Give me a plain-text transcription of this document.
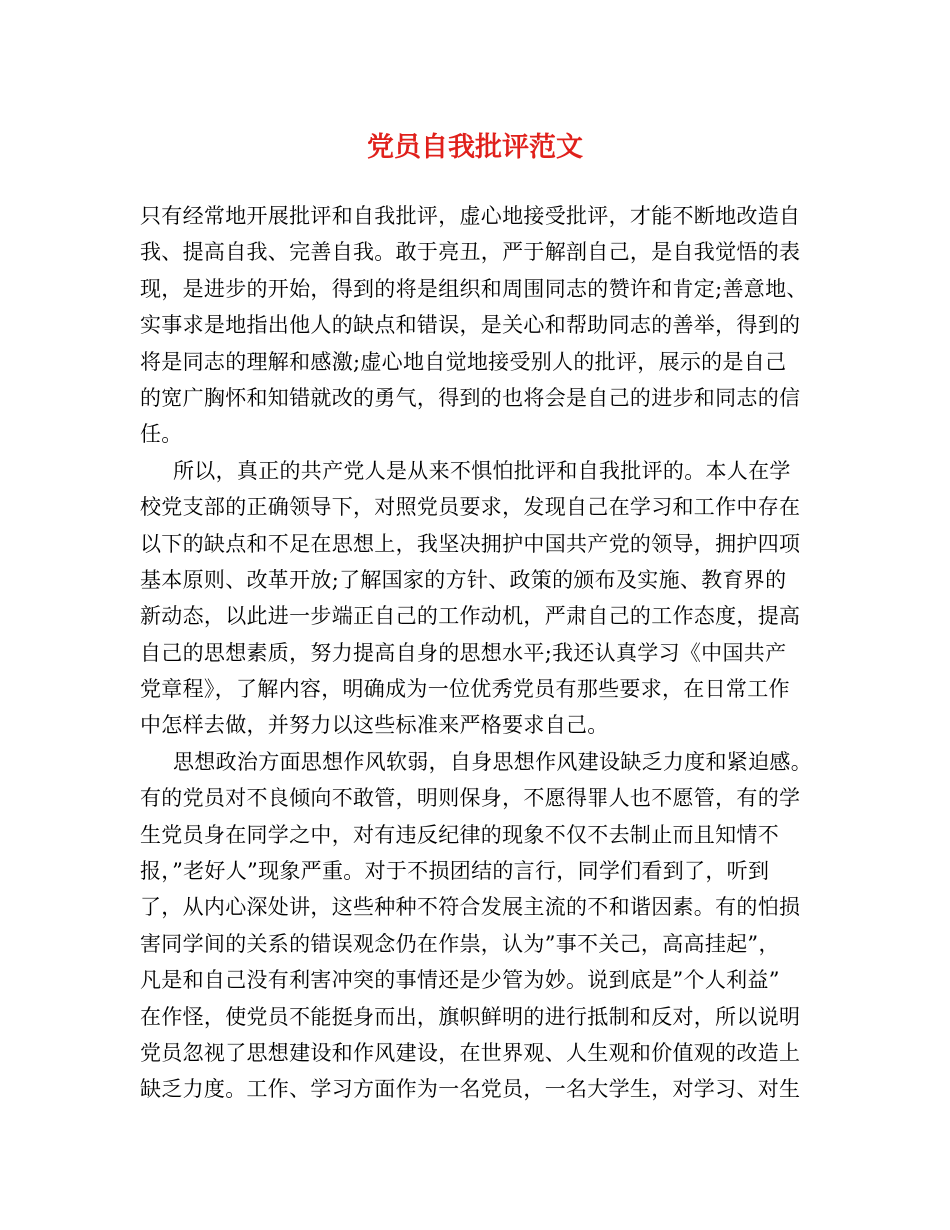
党员自我批评范文
只有经常地开展批评和自我批评，虚心地接受批评，才能不断地改造自
我、提高自我、完善自我。敢于亮丑，严于解剖自己，是自我觉悟的表
现，是进步的开始，得到的将是组织和周围同志的赞许和肯定;善意地、
实事求是地指出他人的缺点和错误，是关心和帮助同志的善举，得到的
将是同志的理解和感激;虚心地自觉地接受别人的批评，展示的是自己
的宽广胸怀和知错就改的勇气，得到的也将会是自己的进步和同志的信
任。
所以，真正的共产党人是从来不惧怕批评和自我批评的。本人在学
校党支部的正确领导下，对照党员要求，发现自己在学习和工作中存在
以下的缺点和不足在思想上，我坚决拥护中国共产党的领导，拥护四项
基本原则、改革开放;了解国家的方针、政策的颁布及实施、教育界的
新动态，以此进一步端正自己的工作动机，严肃自己的工作态度，提高
自己的思想素质，努力提高自身的思想水平;我还认真学习《中国共产
党章程》，了解内容，明确成为一位优秀党员有那些要求，在日常工作
中怎样去做，并努力以这些标准来严格要求自己。
思想政治方面思想作风软弱，自身思想作风建设缺乏力度和紧迫感。
有的党员对不良倾向不敢管，明则保身，不愿得罪人也不愿管，有的学
生党员身在同学之中，对有违反纪律的现象不仅不去制止而且知情不
报，”老好人”现象严重。对于不损团结的言行，同学们看到了，听到
了，从内心深处讲，这些种种不符合发展主流的不和谐因素。有的怕损
害同学间的关系的错误观念仍在作祟，认为”事不关己，高高挂起”，
凡是和自己没有利害冲突的事情还是少管为妙。说到底是”个人利益”
在作怪，使党员不能挺身而出，旗帜鲜明的进行抵制和反对，所以说明
党员忽视了思想建设和作风建设，在世界观、人生观和价值观的改造上
缺乏力度。工作、学习方面作为一名党员，一名大学生，对学习、对生
